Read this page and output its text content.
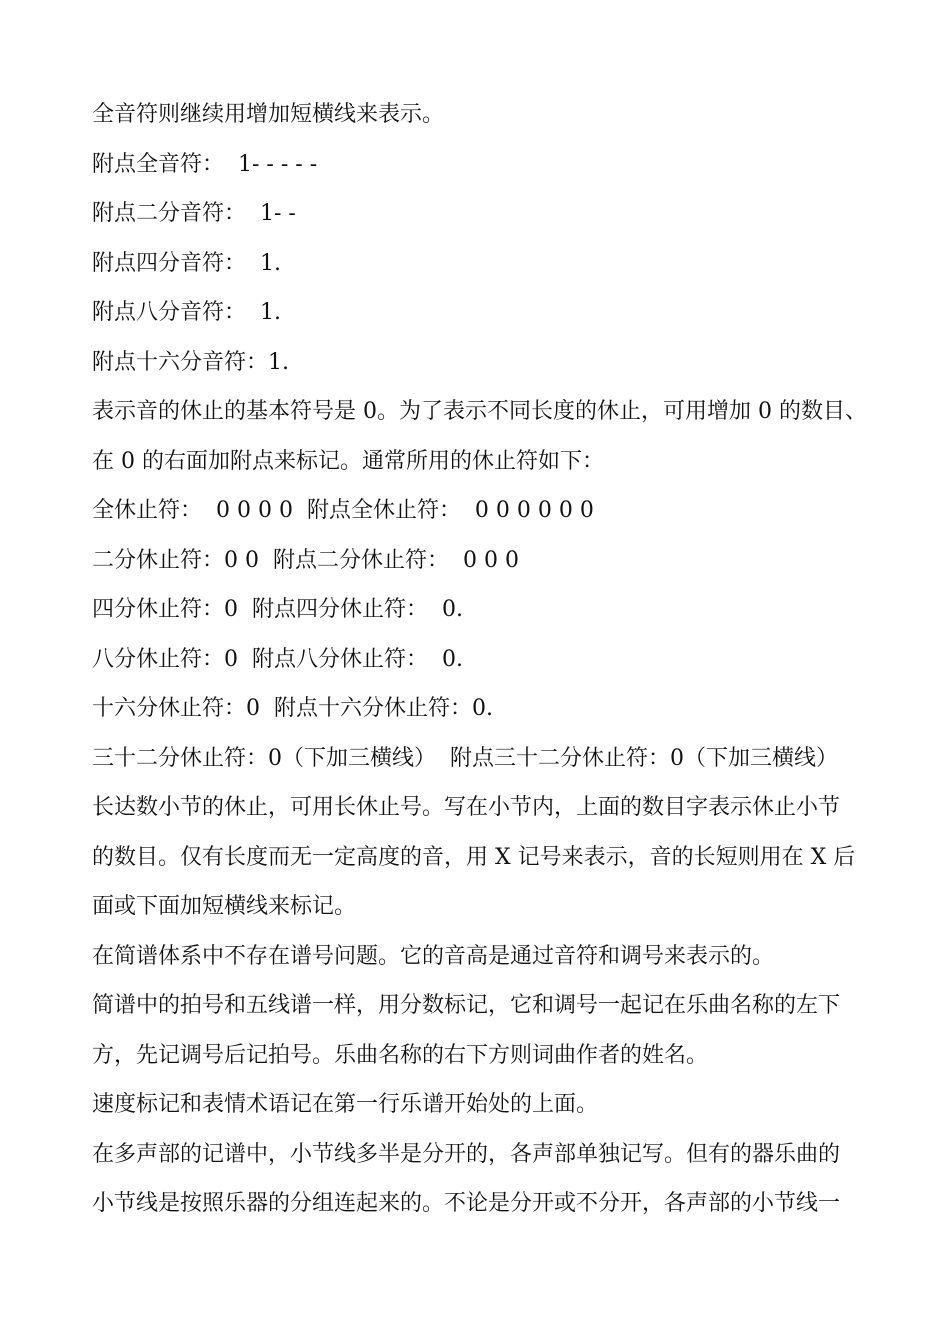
全音符则继续用增加短横线来表示。

附点全音符：  1- - - - -

附点二分音符：  1- -

附点四分音符：  1.

附点八分音符：  1.

附点十六分音符：1.

表示音的休止的基本符号是 0。为了表示不同长度的休止，可用增加 0 的数目、

在 0 的右面加附点来标记。通常所用的休止符如下：

全休止符：  0 0 0 0  附点全休止符：  0 0 0 0 0 0

二分休止符：0 0  附点二分休止符：  0 0 0

四分休止符：0  附点四分休止符：  0.

八分休止符：0  附点八分休止符：  0.

十六分休止符：0  附点十六分休止符：0.

三十二分休止符：0（下加三横线）  附点三十二分休止符：0（下加三横线）

长达数小节的休止，可用长休止号。写在小节内，上面的数目字表示休止小节

的数目。仅有长度而无一定高度的音，用 X 记号来表示，音的长短则用在 X 后

面或下面加短横线来标记。

在简谱体系中不存在谱号问题。它的音高是通过音符和调号来表示的。

简谱中的拍号和五线谱一样，用分数标记，它和调号一起记在乐曲名称的左下

方，先记调号后记拍号。乐曲名称的右下方则词曲作者的姓名。

速度标记和表情术语记在第一行乐谱开始处的上面。

在多声部的记谱中，小节线多半是分开的，各声部单独记写。但有的器乐曲的

小节线是按照乐器的分组连起来的。不论是分开或不分开，各声部的小节线一
